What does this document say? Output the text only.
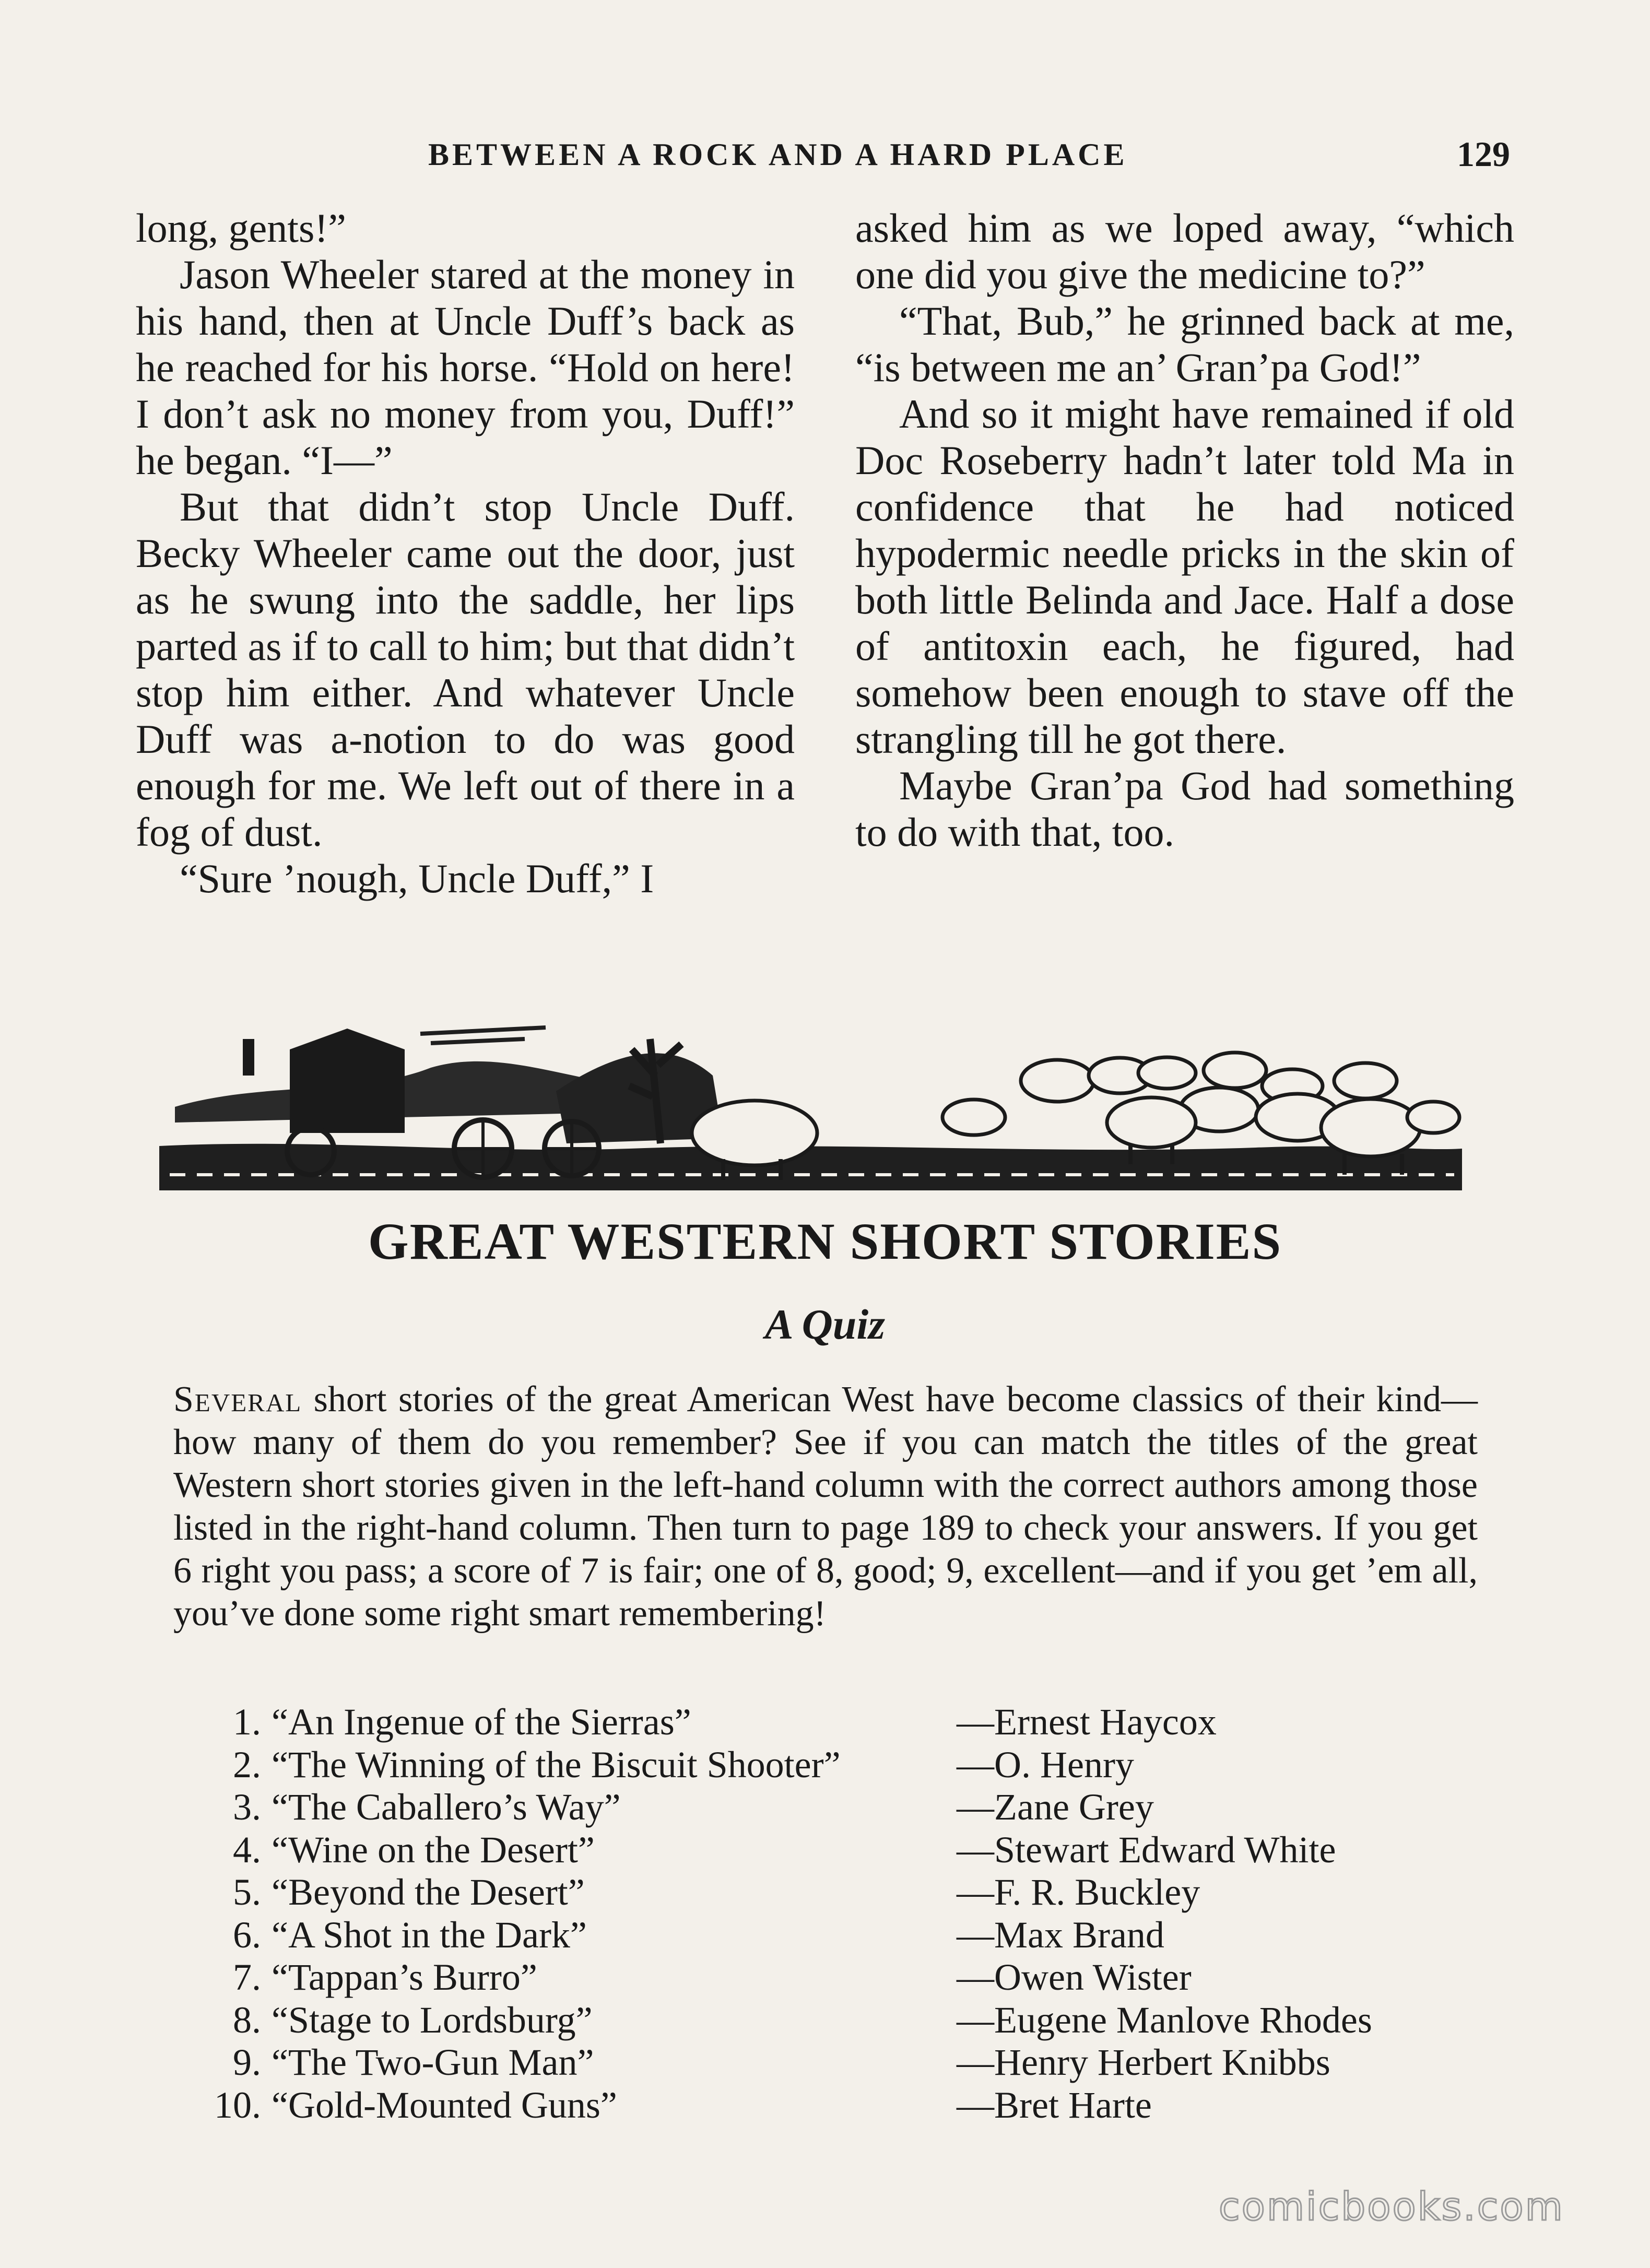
BETWEEN A ROCK AND A HARD PLACE	129

long, gents!”

Jason Wheeler stared at the money in his hand, then at Uncle Duff’s back as he reached for his horse. “Hold on here! I don’t ask no money from you, Duff!” he began. “I—”

But that didn’t stop Uncle Duff. Becky Wheeler came out the door, just as he swung into the saddle, her lips parted as if to call to him; but that didn’t stop him either. And whatever Uncle Duff was a-notion to do was good enough for me. We left out of there in a fog of dust.

“Sure ’nough, Uncle Duff,” I

asked him as we loped away, “which one did you give the medicine to?”

“That, Bub,” he grinned back at me, “is between me an’ Gran’pa God!”

And so it might have remained if old Doc Roseberry hadn’t later told Ma in confidence that he had noticed hypodermic needle pricks in the skin of both little Belinda and Jace. Half a dose of antitoxin each, he figured, had somehow been enough to stave off the strangling till he got there.

Maybe Gran’pa God had something to do with that, too.

GREAT WESTERN SHORT STORIES
A Quiz

Several short stories of the great American West have become classics of their kind—how many of them do you remember? See if you can match the titles of the great Western short stories given in the left-hand column with the correct authors among those listed in the right-hand column. Then turn to page 189 to check your answers. If you get 6 right you pass; a score of 7 is fair; one of 8, good; 9, excellent—and if you get ’em all, you’ve done some right smart remembering!

1. “An Ingenue of the Sierras”	—Ernest Haycox
2. “The Winning of the Biscuit Shooter”	—O. Henry
3. “The Caballero’s Way”	—Zane Grey
4. “Wine on the Desert”	—Stewart Edward White
5. “Beyond the Desert”	—F. R. Buckley
6. “A Shot in the Dark”	—Max Brand
7. “Tappan’s Burro”	—Owen Wister
8. “Stage to Lordsburg”	—Eugene Manlove Rhodes
9. “The Two-Gun Man”	—Henry Herbert Knibbs
10. “Gold-Mounted Guns”	—Bret Harte
comicbooks.com
